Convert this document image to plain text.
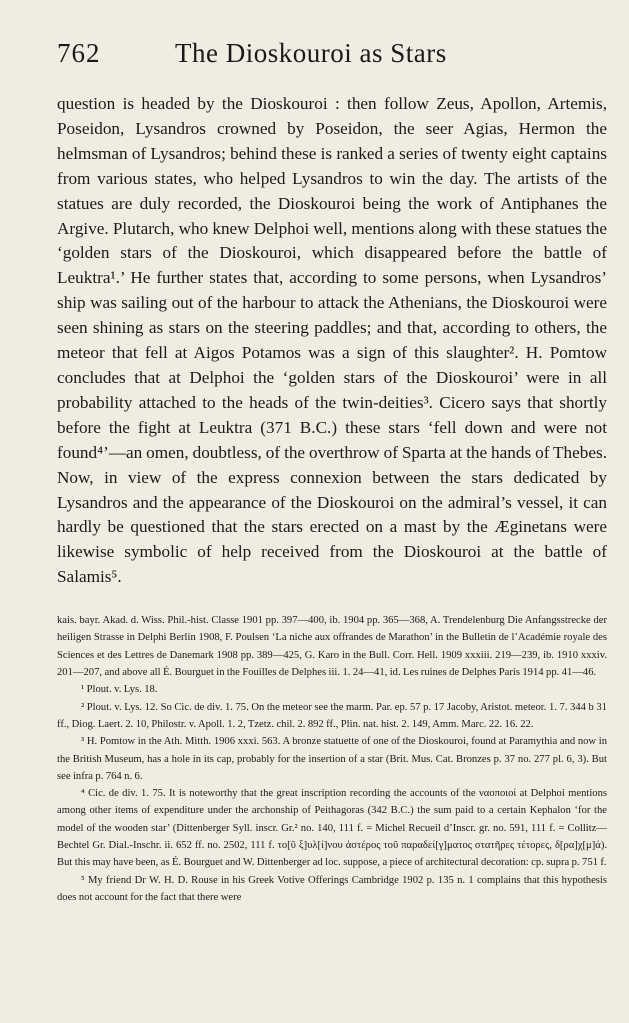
762	The Dioskouroi as Stars

question is headed by the Dioskouroi : then follow Zeus, Apollon, Artemis, Poseidon, Lysandros crowned by Poseidon, the seer Agias, Hermon the helmsman of Lysandros; behind these is ranked a series of twenty eight captains from various states, who helped Lysandros to win the day. The artists of the statues are duly recorded, the Dioskouroi being the work of Antiphanes the Argive. Plutarch, who knew Delphoi well, mentions along with these statues the ‘golden stars of the Dioskouroi, which disappeared before the battle of Leuktra¹.’ He further states that, according to some persons, when Lysandros’ ship was sailing out of the harbour to attack the Athenians, the Dioskouroi were seen shining as stars on the steering paddles; and that, according to others, the meteor that fell at Aigos Potamos was a sign of this slaughter². H. Pomtow concludes that at Delphoi the ‘golden stars of the Dioskouroi’ were in all probability attached to the heads of the twin-deities³. Cicero says that shortly before the fight at Leuktra (371 B.C.) these stars ‘fell down and were not found⁴’—an omen, doubtless, of the overthrow of Sparta at the hands of Thebes. Now, in view of the express connexion between the stars dedicated by Lysandros and the appearance of the Dioskouroi on the admiral’s vessel, it can hardly be questioned that the stars erected on a mast by the Æginetans were likewise symbolic of help received from the Dioskouroi at the battle of Salamis⁵.

kais. bayr. Akad. d. Wiss. Phil.-hist. Classe 1901 pp. 397—400, ib. 1904 pp. 365—368, A. Trendelenburg Die Anfangsstrecke der heiligen Strasse in Delphi Berlin 1908, F. Poulsen ‘La niche aux offrandes de Marathon’ in the Bulletin de l’Académie royale des Sciences et des Lettres de Danemark 1908 pp. 389—425, G. Karo in the Bull. Corr. Hell. 1909 xxxiii. 219—239, ib. 1910 xxxiv. 201—207, and above all É. Bourguet in the Fouilles de Delphes iii. 1. 24—41, id. Les ruines de Delphes Paris 1914 pp. 41—46.

¹ Plout. v. Lys. 18.

² Plout. v. Lys. 12. So Cic. de div. 1. 75. On the meteor see the marm. Par. ep. 57 p. 17 Jacoby, Aristot. meteor. 1. 7. 344 b 31 ff., Diog. Laert. 2. 10, Philostr. v. Apoll. 1. 2, Tzetz. chil. 2. 892 ff., Plin. nat. hist. 2. 149, Amm. Marc. 22. 16. 22.

³ H. Pomtow in the Ath. Mitth. 1906 xxxi. 563. A bronze statuette of one of the Dioskouroi, found at Paramythia and now in the British Museum, has a hole in its cap, probably for the insertion of a star (Brit. Mus. Cat. Bronzes p. 37 no. 277 pl. 6, 3). But see infra p. 764 n. 6.

⁴ Cic. de div. 1. 75. It is noteworthy that the great inscription recording the accounts of the ναοποιοί at Delphoi mentions among other items of expenditure under the archonship of Peithagoras (342 B.C.) the sum paid to a certain Kephalon ‘for the model of the wooden star’ (Dittenberger Syll. inscr. Gr.² no. 140, 111 f. = Michel Recueil d’Inscr. gr. no. 591, 111 f. = Collitz—Bechtel Gr. Dial.-Inschr. ii. 652 ff. no. 2502, 111 f. το[ῦ ξ]υλ[ί]νου ἀστέρος τοῦ παραδεί[γ]ματος στατῆρες τέτορες, δ[ρα]χ[μ]ά). But this may have been, as É. Bourguet and W. Dittenberger ad loc. suppose, a piece of architectural decoration: cp. supra p. 751 f.

⁵ My friend Dr W. H. D. Rouse in his Greek Votive Offerings Cambridge 1902 p. 135 n. 1 complains that this hypothesis does not account for the fact that there were
